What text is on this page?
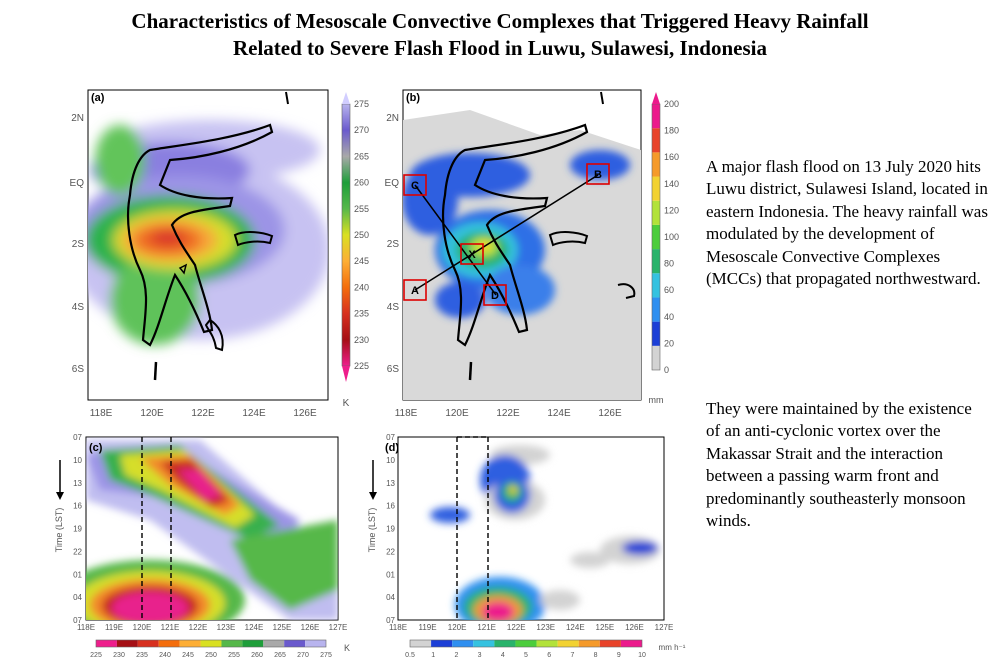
Characteristics of Mesoscale Convective Complexes that Triggered Heavy Rainfall
Related to Severe Flash Flood in Luwu, Sulawesi, Indonesia
(a)
2N
EQ
2S
4S
6S
118E	120E	122E	124E	126E
275
270
265
260
255
250
245
240
235
230
225
K
A
B
C
D
X
(b)
2N
EQ
2S
4S
6S
118E	120E	122E	124E	126E
200
180
160
140
120
100
80
60
40
20
0
mm
(c)
07
10
13
16
19
22
01
04
07
118E 119E 120E 121E 122E 123E 124E 125E 126E 127E
Time (LST)
225 230 235 240 245 250 255 260 265 270 275
K
(d)
07
10
13
16
19
22
01
04
07
118E 119E 120E 121E 122E 123E 124E 125E 126E 127E
Time (LST)
0.5 1	2	3	4	5	6	7	8	9 10
mm h⁻¹
A major flash flood on 13 July 2020 hits Luwu district, Sulawesi Island, located in eastern Indonesia. The heavy rainfall was modulated by the development of Mesoscale Convective Complexes (MCCs) that propagated northwestward.
They were maintained by the existence of an anti-cyclonic vortex over the Makassar Strait and the interaction between a passing warm front and predominantly southeasterly monsoon winds.
